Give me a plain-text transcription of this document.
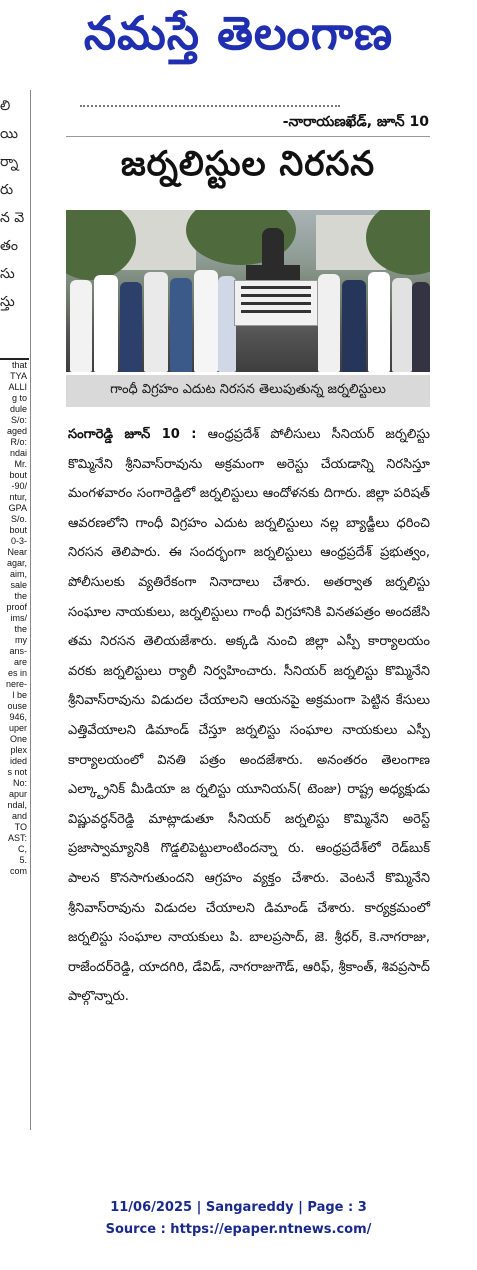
నమస్తే తెలంగాణ
లి
యి
ర్నా
రు
న వె
తం
సు
స్తు
that
TYA
ALLI
g to
dule
S/o:
aged
R/o:
ndai
Mr.
bout
-90/
ntur,
GPA
S/o.
bout
0-3-
Near
agar,
aim,
sale
the
proof
ims/
the
my
ans-
are
es in
nere-
l be
ouse
946,
uper
One
plex
ided
s not
No:
apur
ndal,
and
TO
AST:
C,
5.
com
-నారాయణఖేడ్, జూన్ 10
జర్నలిస్టుల నిరసన
గాంధీ విగ్రహం ఎదుట నిరసన తెలుపుతున్న జర్నలిస్టులు
సంగారెడ్డి జూన్ 10 : ఆంధ్రప్రదేశ్ పోలీసులు సీనియర్ జర్నలిస్టు కొమ్మినేని శ్రీనివాస్‌రావును అక్రమంగా అరెస్టు చేయడాన్ని నిరసిస్తూ మంగళవారం సంగారెడ్డిలో జర్నలిస్టులు ఆందోళనకు దిగారు. జిల్లా పరిషత్ ఆవరణలోని గాంధీ విగ్రహం ఎదుట జర్నలిస్టులు నల్ల బ్యాడ్జీలు ధరించి నిరసన తెలిపారు. ఈ సందర్భంగా జర్నలిస్టులు ఆంధ్రప్రదేశ్ ప్రభుత్వం, పోలీసులకు వ్యతిరేకంగా నినాదాలు చేశారు. అతర్వాత జర్నలిస్టు సంఘాల నాయకులు, జర్నలిస్టులు గాంధీ విగ్రహానికి వినతపత్రం అందజేసి తమ నిరసన తెలియజేశారు. అక్కడి నుంచి జిల్లా ఎస్పీ కార్యాలయం వరకు జర్నలిస్టులు ర్యాలీ నిర్వహించారు. సీనియర్ జర్నలిస్టు కొమ్మినేని శ్రీనివాస్‌రావును విడుదల చేయాలని ఆయనపై అక్రమంగా పెట్టిన కేసులు ఎత్తివేయాలని డిమాండ్ చేస్తూ జర్నలిస్టు సంఘాల నాయకులు ఎస్పీ కార్యాలయంలో వినతి పత్రం అందజేశారు. అనంతరం తెలంగాణ ఎల్క్ట్రానిక్ మీడియా జ ర్నలిస్టు యూనియన్( టెంజు) రాష్ట్ర అధ్యక్షుడు విష్ణువర్ధన్‌రెడ్డి మాట్లాడుతూ సీనియర్ జర్నలిస్టు కొమ్మినేని అరెస్ట్ ప్రజాస్వామ్యానికి గొడ్డలిపెట్టులాంటిందన్నా రు. ఆంధ్రప్రదేశ్‌లో రెడ్‌బుక్ పాలన కొనసాగుతుందని ఆగ్రహం వ్యక్తం చేశారు. వెంటనే కొమ్మినేని శ్రీనివాస్‌రావును విడుదల చేయాలని డిమాండ్ చేశారు. కార్యక్రమంలో జర్నలిస్టు సంఘాల నాయకులు పి. బాలప్రసాద్, జె. శ్రీధర్, కె.నాగరాజు, రాజేందర్‌రెడ్డి, యాదగిరి, డేవిడ్, నాగరాజుగౌడ్, ఆరిఫ్, శ్రీకాంత్, శివప్రసాద్ పాల్గొన్నారు.
11/06/2025 | Sangareddy | Page : 3
Source : https://epaper.ntnews.com/
